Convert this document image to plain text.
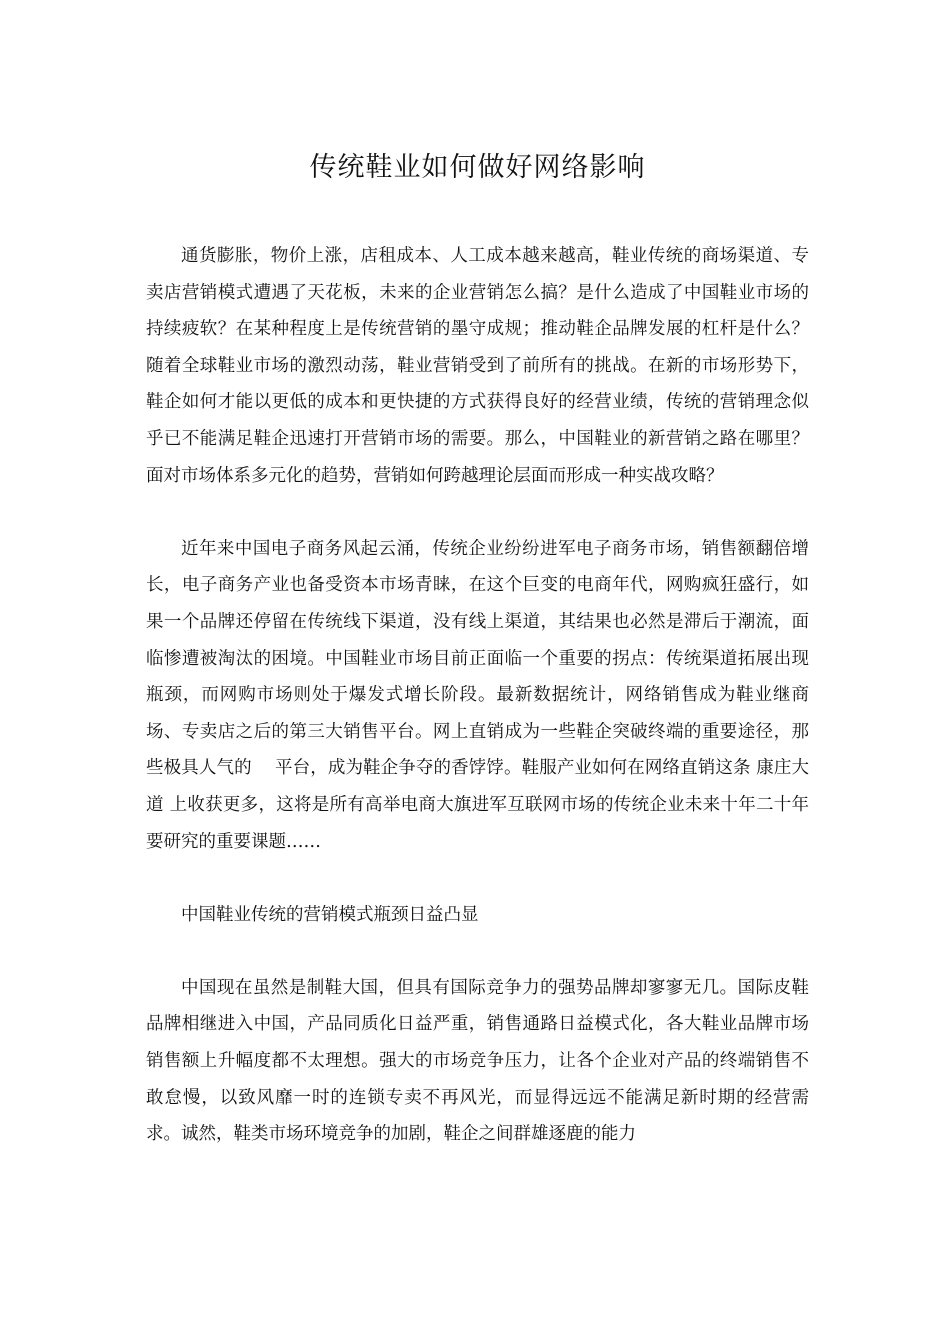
传统鞋业如何做好网络影响

通货膨胀，物价上涨，店租成本、人工成本越来越高，鞋业传统的商场渠道、专卖店营销模式遭遇了天花板，未来的企业营销怎么搞？是什么造成了中国鞋业市场的持续疲软？在某种程度上是传统营销的墨守成规；推动鞋企品牌发展的杠杆是什么？随着全球鞋业市场的激烈动荡，鞋业营销受到了前所有的挑战。在新的市场形势下，鞋企如何才能以更低的成本和更快捷的方式获得良好的经营业绩，传统的营销理念似乎已不能满足鞋企迅速打开营销市场的需要。那么，中国鞋业的新营销之路在哪里？面对市场体系多元化的趋势，营销如何跨越理论层面而形成一种实战攻略？

近年来中国电子商务风起云涌，传统企业纷纷进军电子商务市场，销售额翻倍增长，电子商务产业也备受资本市场青睐，在这个巨变的电商年代，网购疯狂盛行，如果一个品牌还停留在传统线下渠道，没有线上渠道，其结果也必然是滞后于潮流，面临惨遭被淘汰的困境。中国鞋业市场目前正面临一个重要的拐点：传统渠道拓展出现瓶颈，而网购市场则处于爆发式增长阶段。最新数据统计，网络销售成为鞋业继商场、专卖店之后的第三大销售平台。网上直销成为一些鞋企突破终端的重要途径，那些极具人气的　 平台，成为鞋企争夺的香饽饽。鞋服产业如何在网络直销这条 康庄大道 上收获更多，这将是所有高举电商大旗进军互联网市场的传统企业未来十年二十年要研究的重要课题……

中国鞋业传统的营销模式瓶颈日益凸显

中国现在虽然是制鞋大国，但具有国际竞争力的强势品牌却寥寥无几。国际皮鞋品牌相继进入中国，产品同质化日益严重，销售通路日益模式化，各大鞋业品牌市场销售额上升幅度都不太理想。强大的市场竞争压力，让各个企业对产品的终端销售不敢怠慢，以致风靡一时的连锁专卖不再风光，而显得远远不能满足新时期的经营需求。诚然，鞋类市场环境竞争的加剧，鞋企之间群雄逐鹿的能力
